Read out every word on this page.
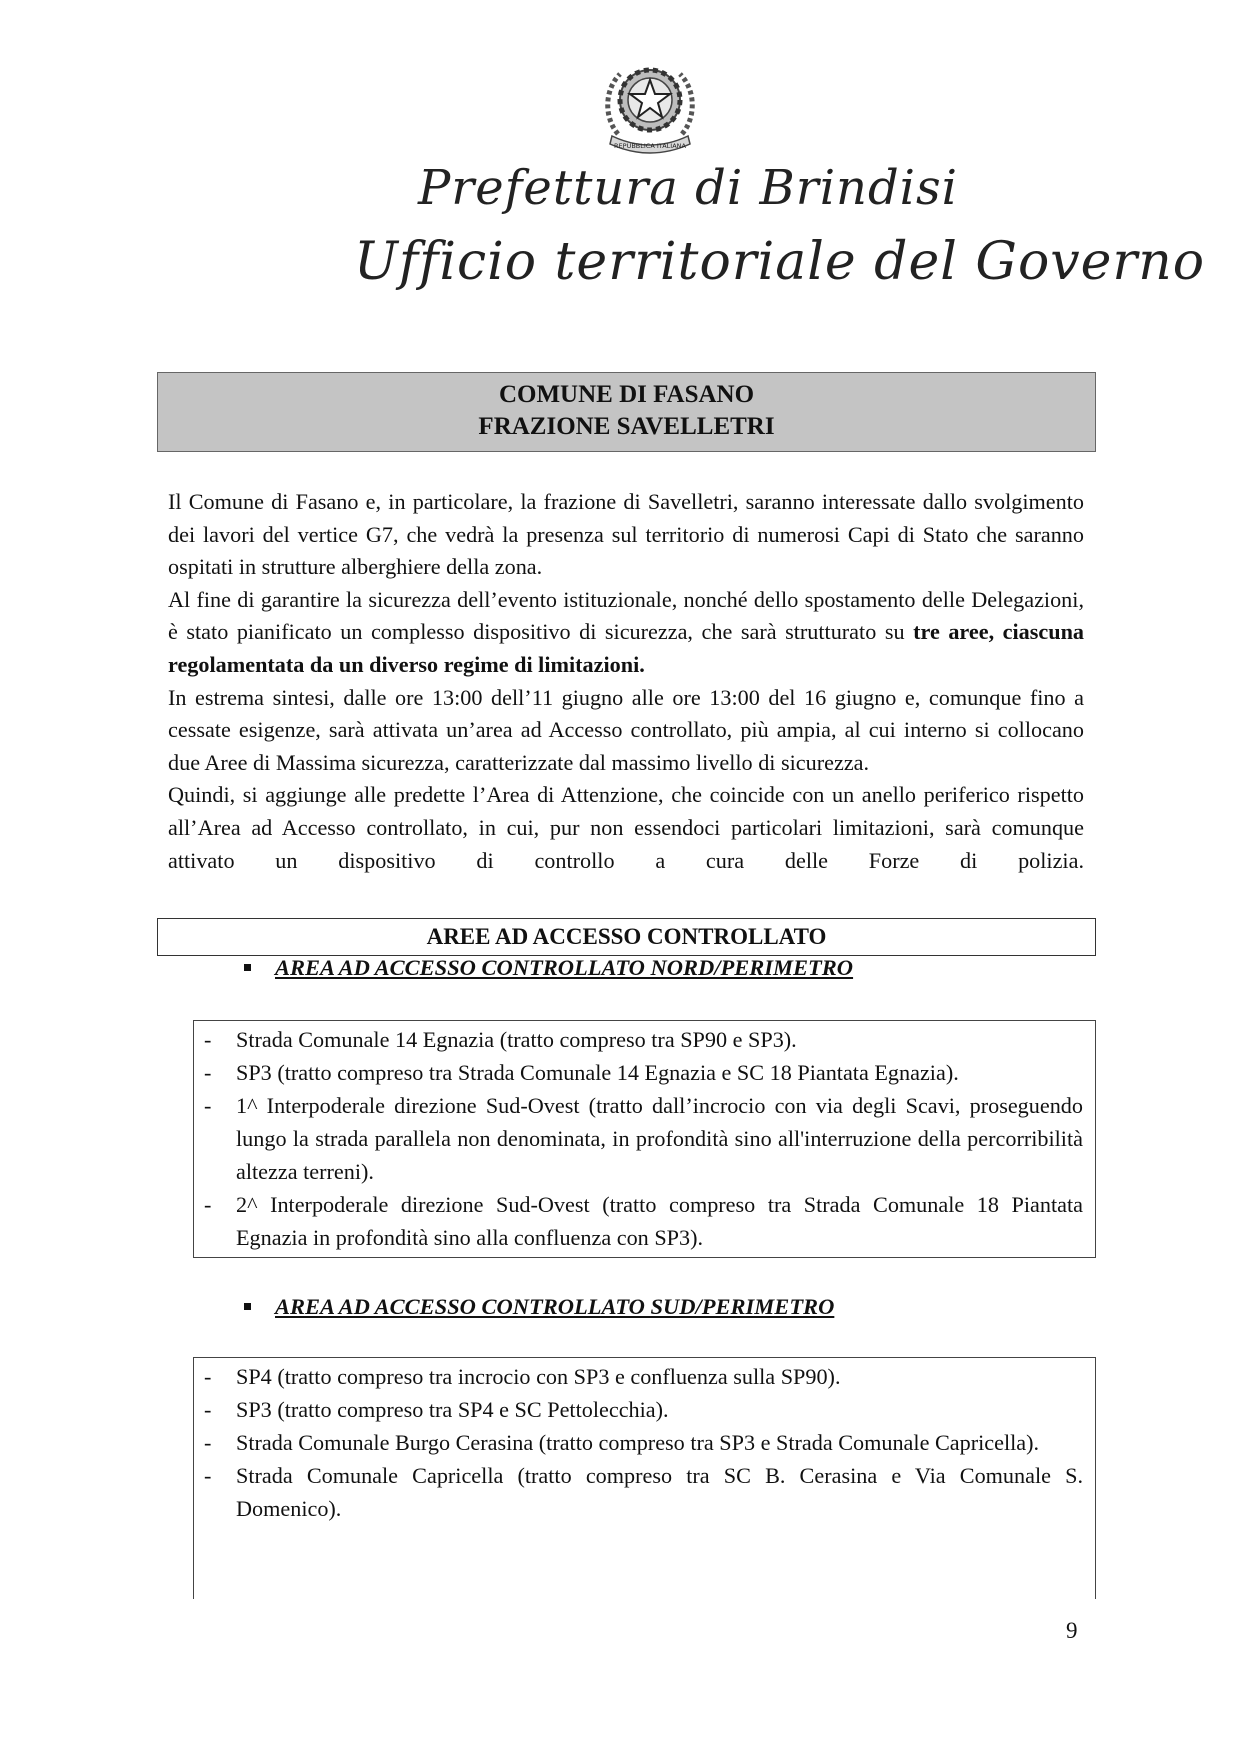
REPUBBLICA ITALIANA
Prefettura di Brindisi
Ufficio territoriale del Governo
COMUNE DI FASANO
FRAZIONE SAVELLETRI

Il Comune di Fasano e, in particolare, la frazione di Savelletri, saranno interessate dallo svolgimento dei lavori del vertice G7, che vedrà la presenza sul territorio di numerosi Capi di Stato che saranno ospitati in strutture alberghiere della zona.

Al fine di garantire la sicurezza dell’evento istituzionale, nonché dello spostamento delle Delegazioni, è stato pianificato un complesso dispositivo di sicurezza, che sarà strutturato su tre aree, ciascuna regolamentata da un diverso regime di limitazioni.

In estrema sintesi, dalle ore 13:00 dell’11 giugno alle ore 13:00 del 16 giugno e, comunque fino a cessate esigenze, sarà attivata un’area ad Accesso controllato, più ampia, al cui interno si collocano due Aree di Massima sicurezza, caratterizzate dal massimo livello di sicurezza.

Quindi, si aggiunge alle predette l’Area di Attenzione, che coincide con un anello periferico rispetto all’Area ad Accesso controllato, in cui, pur non essendoci particolari limitazioni, sarà comunque attivato un dispositivo di controllo a cura delle Forze di polizia.

AREE AD ACCESSO CONTROLLATO
AREA AD ACCESSO CONTROLLATO NORD/PERIMETRO
- Strada Comunale 14 Egnazia (tratto compreso tra SP90 e SP3).
- SP3 (tratto compreso tra Strada Comunale 14 Egnazia e SC 18 Piantata Egnazia).
- 1^ Interpoderale direzione Sud-Ovest (tratto dall’incrocio con via degli Scavi, proseguendo lungo la strada parallela non denominata, in profondità sino all'interruzione della percorribilità altezza terreni).
- 2^ Interpoderale direzione Sud-Ovest (tratto compreso tra Strada Comunale 18 Piantata Egnazia in profondità sino alla confluenza con SP3).
AREA AD ACCESSO CONTROLLATO SUD/PERIMETRO
- SP4 (tratto compreso tra incrocio con SP3 e confluenza sulla SP90).
- SP3 (tratto compreso tra SP4 e SC Pettolecchia).
- Strada Comunale Burgo Cerasina (tratto compreso tra SP3 e Strada Comunale Capricella).
- Strada Comunale Capricella (tratto compreso tra SC B. Cerasina e Via Comunale S. Domenico).
9
